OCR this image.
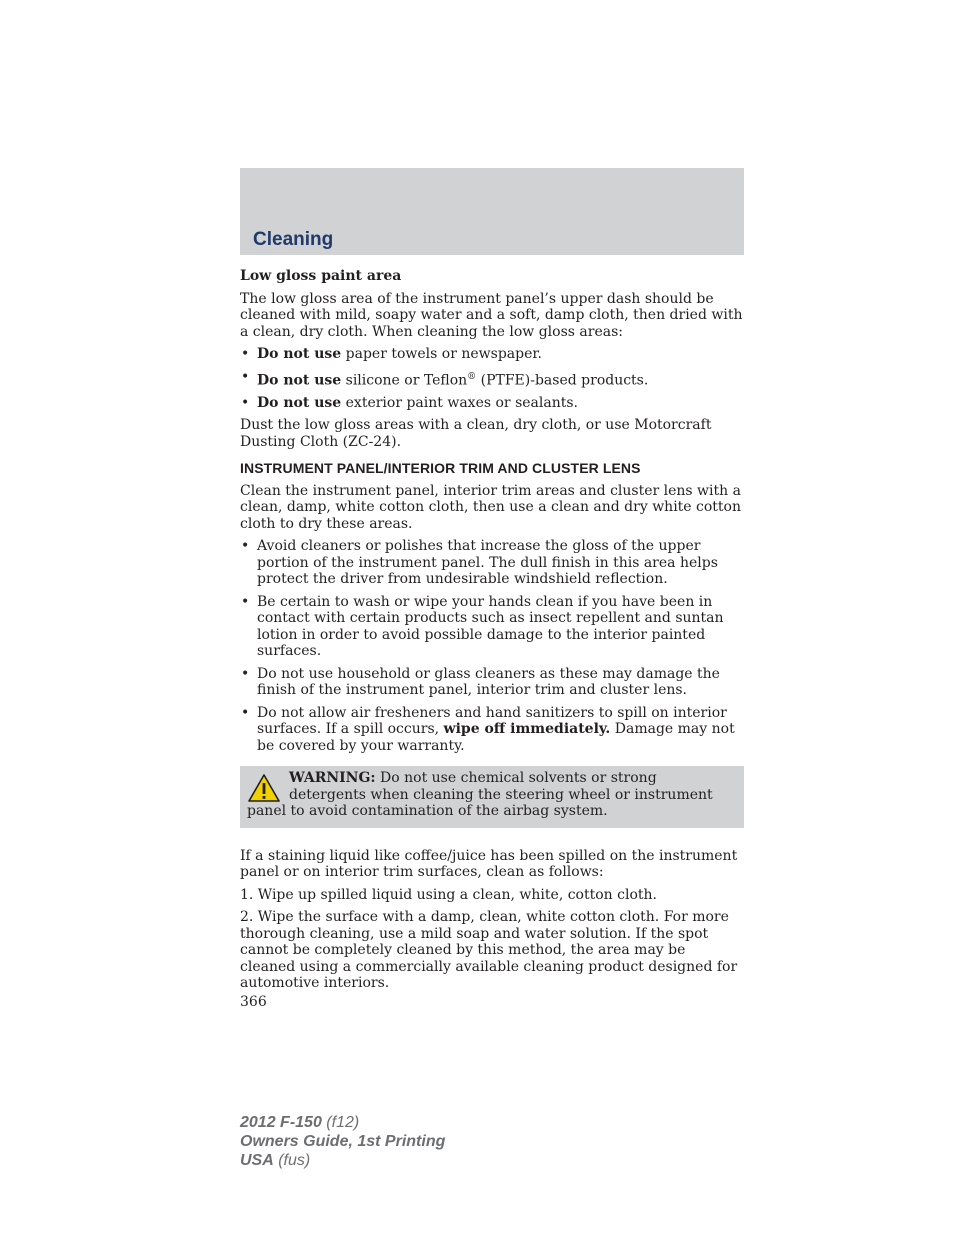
Cleaning

Low gloss paint area

The low gloss area of the instrument panel’s upper dash should be cleaned with mild, soapy water and a soft, damp cloth, then dried with a clean, dry cloth. When cleaning the low gloss areas:

• Do not use paper towels or newspaper.
• Do not use silicone or Teflon® (PTFE)-based products.
• Do not use exterior paint waxes or sealants.

Dust the low gloss areas with a clean, dry cloth, or use Motorcraft Dusting Cloth (ZC-24).

INSTRUMENT PANEL/INTERIOR TRIM AND CLUSTER LENS

Clean the instrument panel, interior trim areas and cluster lens with a clean, damp, white cotton cloth, then use a clean and dry white cotton cloth to dry these areas.

• Avoid cleaners or polishes that increase the gloss of the upper portion of the instrument panel. The dull finish in this area helps protect the driver from undesirable windshield reflection.
• Be certain to wash or wipe your hands clean if you have been in contact with certain products such as insect repellent and suntan lotion in order to avoid possible damage to the interior painted surfaces.
• Do not use household or glass cleaners as these may damage the finish of the instrument panel, interior trim and cluster lens.
• Do not allow air fresheners and hand sanitizers to spill on interior surfaces. If a spill occurs, wipe off immediately. Damage may not be covered by your warranty.
WARNING: Do not use chemical solvents or strong detergents when cleaning the steering wheel or instrument panel to avoid contamination of the airbag system.

If a staining liquid like coffee/juice has been spilled on the instrument panel or on interior trim surfaces, clean as follows:

1. Wipe up spilled liquid using a clean, white, cotton cloth.

2. Wipe the surface with a damp, clean, white cotton cloth. For more thorough cleaning, use a mild soap and water solution. If the spot cannot be completely cleaned by this method, the area may be cleaned using a commercially available cleaning product designed for automotive interiors.

366
2012 F-150 (f12)
Owners Guide, 1st Printing
USA (fus)
